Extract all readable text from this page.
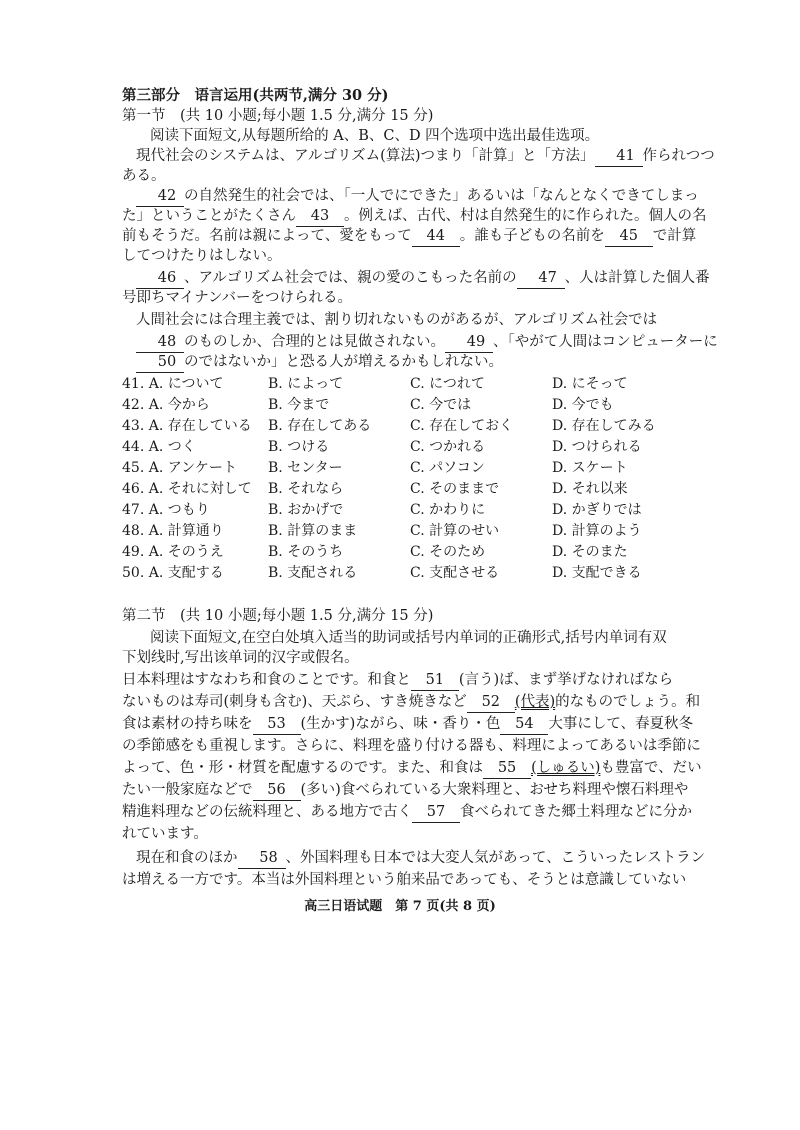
第三部分　语言运用(共两节,满分 30 分)
第一节　(共 10 小题;每小题 1.5 分,满分 15 分)
阅读下面短文,从每题所给的 A、B、C、D 四个选项中选出最佳选项。
現代社会のシステムは、アルゴリズム(算法)つまり「計算」と「方法」 41 作られつつ
ある。
42 の自然発生的社会では、「一人でにできた」あるいは「なんとなくできてしまっ
た」ということがたくさん 43 。例えば、古代、村は自然発生的に作られた。個人の名
前もそうだ。名前は親によって、愛をもって 44 。誰も子どもの名前を 45 で計算
してつけたりはしない。
46 、アルゴリズム社会では、親の愛のこもった名前の 47 、人は計算した個人番
号即ちマイナンバーをつけられる。
人間社会には合理主義では、割り切れないものがあるが、アルゴリズム社会では
48 のものしか、合理的とは見做されない。 49 、「やがて人間はコンピューターに
50 のではないか」と恐る人が増えるかもしれない。
41. A. について	B. によって	C. につれて	D. にそって
42. A. 今から	B. 今まで	C. 今では	D. 今でも
43. A. 存在している B. 存在してある	C. 存在しておく	D. 存在してみる
44. A. つく	B. つける	C. つかれる	D. つけられる
45. A. アンケート B. センター	C. パソコン	D. スケート
46. A. それに対して B. それなら	C. そのままで	D. それ以来
47. A. つもり	B. おかげで	C. かわりに	D. かぎりでは
48. A. 計算通り	B. 計算のまま	C. 計算のせい	D. 計算のよう
49. A. そのうえ	B. そのうち	C. そのため	D. そのまた
50. A. 支配する	B. 支配される	C. 支配させる	D. 支配できる
第二节　(共 10 小题;每小题 1.5 分,满分 15 分)
阅读下面短文,在空白处填入适当的助词或括号内单词的正确形式,括号内单词有双
下划线时,写出该单词的汉字或假名。
日本料理はすなわち和食のことです。和食と 51 (言う)ば、まず挙げなければなら
ないものは寿司(刺身も含む)、天ぷら、すき焼きなど 52 (代表)的なものでしょう。和
食は素材の持ち味を 53 (生かす)ながら、味・香り・色 54 大事にして、春夏秋冬
の季節感をも重視します。さらに、料理を盛り付ける器も、料理によってあるいは季節に
よって、色・形・材質を配慮するのです。また、和食は 55 (しゅるい)も豊富で、だい
たい一般家庭などで 56 (多い)食べられている大衆料理と、おせち料理や懐石料理や
精進料理などの伝統料理と、ある地方で古く 57 食べられてきた郷土料理などに分か
れています。
現在和食のほか 58 、外国料理も日本では大変人気があって、こういったレストラン
は増える一方です。本当は外国料理という舶来品であっても、そうとは意識していない
高三日语试题　第 7 页(共 8 页)
